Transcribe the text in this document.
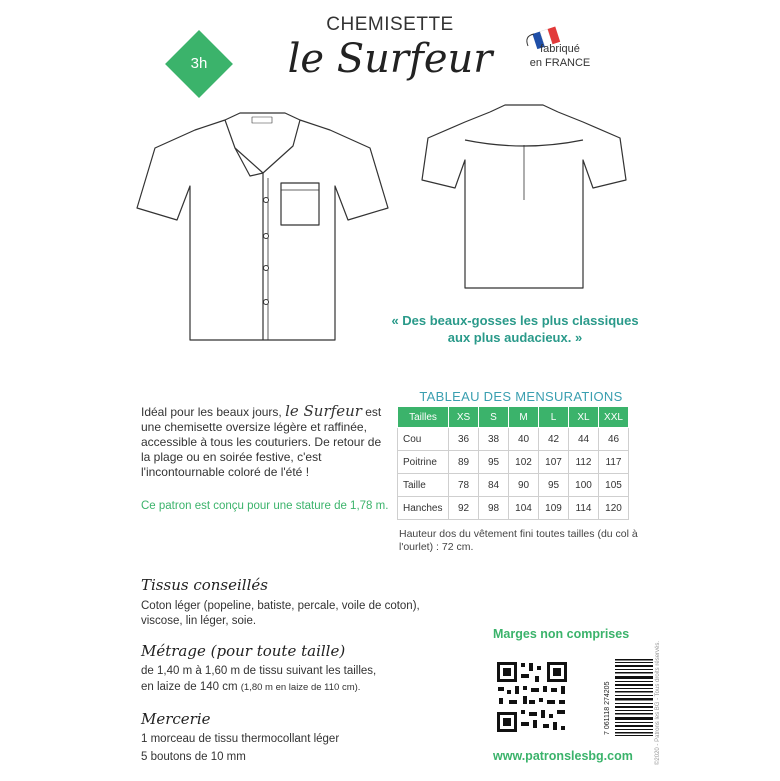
CHEMISETTE
le Surfeur
3h
fabriqué
en FRANCE
« Des beaux-gosses les plus classiques aux plus audacieux. »
Idéal pour les beaux jours, le Surfeur est une chemisette oversize légère et raffinée, accessible à tous les couturiers. De retour de la plage ou en soirée festive, c'est l'incontournable coloré de l'été !
Ce patron est conçu pour une stature de 1,78 m.
TABLEAU DES MENSURATIONS
Tailles	XS	S	M	L	XL	XXL
Cou	36	38	40	42	44	46
Poitrine	89	95	102	107	112	117
Taille	78	84	90	95	100	105
Hanches	92	98	104	109	114	120
Hauteur dos du vêtement fini toutes tailles (du col à l'ourlet) : 72 cm.
Tissus conseillés
Coton léger (popeline, batiste, percale, voile de coton), viscose, lin léger, soie.
Métrage (pour toute taille)
de 1,40 m à 1,60 m de tissu suivant les tailles,
en laize de 140 cm (1,80 m en laize de 110 cm).
Mercerie
1 morceau de tissu thermocollant léger
5 boutons de 10 mm
Marges non comprises
7 061118 274205	©2020 - Patrons les BG - Tous droits réservés.
www.patronslesbg.com
